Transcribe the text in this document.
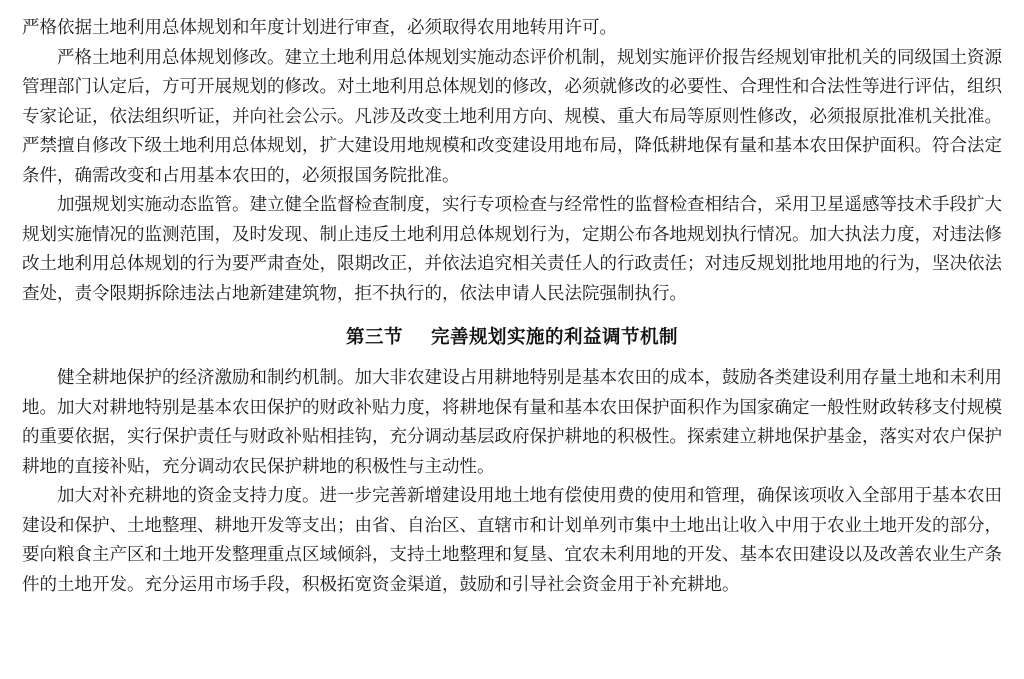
严格依据土地利用总体规划和年度计划进行审查，必须取得农用地转用许可。

严格土地利用总体规划修改。建立土地利用总体规划实施动态评价机制，规划实施评价报告经规划审批机关的同级国土资源管理部门认定后，方可开展规划的修改。对土地利用总体规划的修改，必须就修改的必要性、合理性和合法性等进行评估，组织专家论证，依法组织听证，并向社会公示。凡涉及改变土地利用方向、规模、重大布局等原则性修改，必须报原批准机关批准。严禁擅自修改下级土地利用总体规划，扩大建设用地规模和改变建设用地布局，降低耕地保有量和基本农田保护面积。符合法定条件，确需改变和占用基本农田的，必须报国务院批准。

加强规划实施动态监管。建立健全监督检查制度，实行专项检查与经常性的监督检查相结合，采用卫星遥感等技术手段扩大规划实施情况的监测范围，及时发现、制止违反土地利用总体规划行为，定期公布各地规划执行情况。加大执法力度，对违法修改土地利用总体规划的行为要严肃查处，限期改正，并依法追究相关责任人的行政责任；对违反规划批地用地的行为，坚决依法查处，责令限期拆除违法占地新建建筑物，拒不执行的，依法申请人民法院强制执行。

第三节 完善规划实施的利益调节机制

健全耕地保护的经济激励和制约机制。加大非农建设占用耕地特别是基本农田的成本，鼓励各类建设利用存量土地和未利用地。加大对耕地特别是基本农田保护的财政补贴力度，将耕地保有量和基本农田保护面积作为国家确定一般性财政转移支付规模的重要依据，实行保护责任与财政补贴相挂钩，充分调动基层政府保护耕地的积极性。探索建立耕地保护基金，落实对农户保护耕地的直接补贴，充分调动农民保护耕地的积极性与主动性。

加大对补充耕地的资金支持力度。进一步完善新增建设用地土地有偿使用费的使用和管理，确保该项收入全部用于基本农田建设和保护、土地整理、耕地开发等支出；由省、自治区、直辖市和计划单列市集中土地出让收入中用于农业土地开发的部分，要向粮食主产区和土地开发整理重点区域倾斜，支持土地整理和复垦、宜农未利用地的开发、基本农田建设以及改善农业生产条件的土地开发。充分运用市场手段，积极拓宽资金渠道，鼓励和引导社会资金用于补充耕地。
